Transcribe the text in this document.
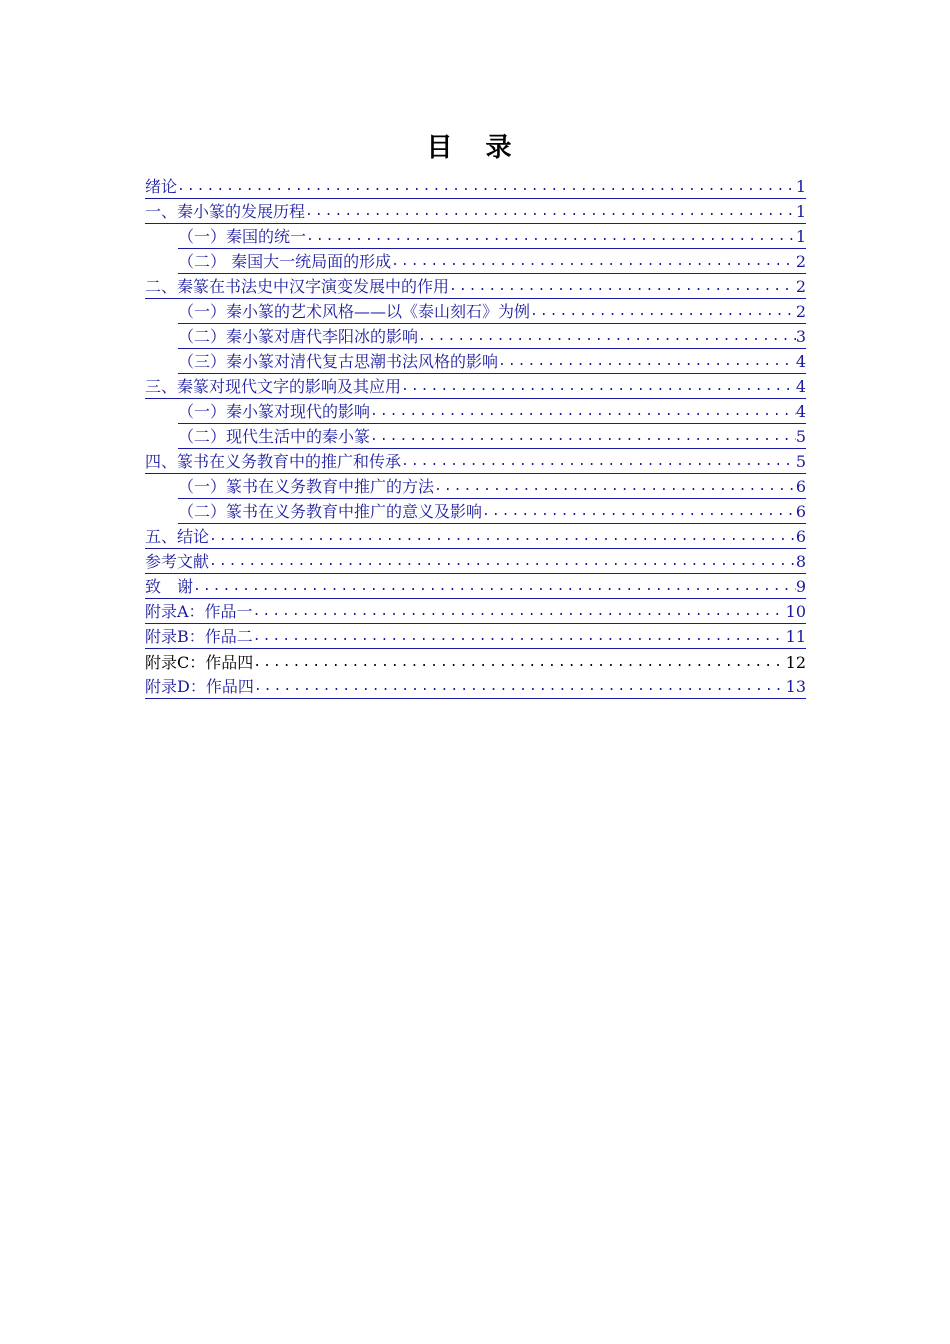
目 录
绪论 .....	1
一、秦小篆的发展历程 .....	1
（一）秦国的统一 .....	1
（二） 秦国大一统局面的形成 .....	2
二、秦篆在书法史中汉字演变发展中的作用 .....	2
（一）秦小篆的艺术风格——以《泰山刻石》为例 .....	2
（二）秦小篆对唐代李阳冰的影响 .....	3
（三）秦小篆对清代复古思潮书法风格的影响 .....	4
三、秦篆对现代文字的影响及其应用 .....	4
（一）秦小篆对现代的影响 .....	4
（二）现代生活中的秦小篆 .....	5
四、篆书在义务教育中的推广和传承 .....	5
（一）篆书在义务教育中推广的方法 .....	6
（二）篆书在义务教育中推广的意义及影响 .....	6
五、结论 .....	6
参考文献 .....	8
致　谢 .....	9
附录A：作品一 .....	10
附录B：作品二 .....	11
附录C：作品四 .....	12
附录D：作品四 .....	13
